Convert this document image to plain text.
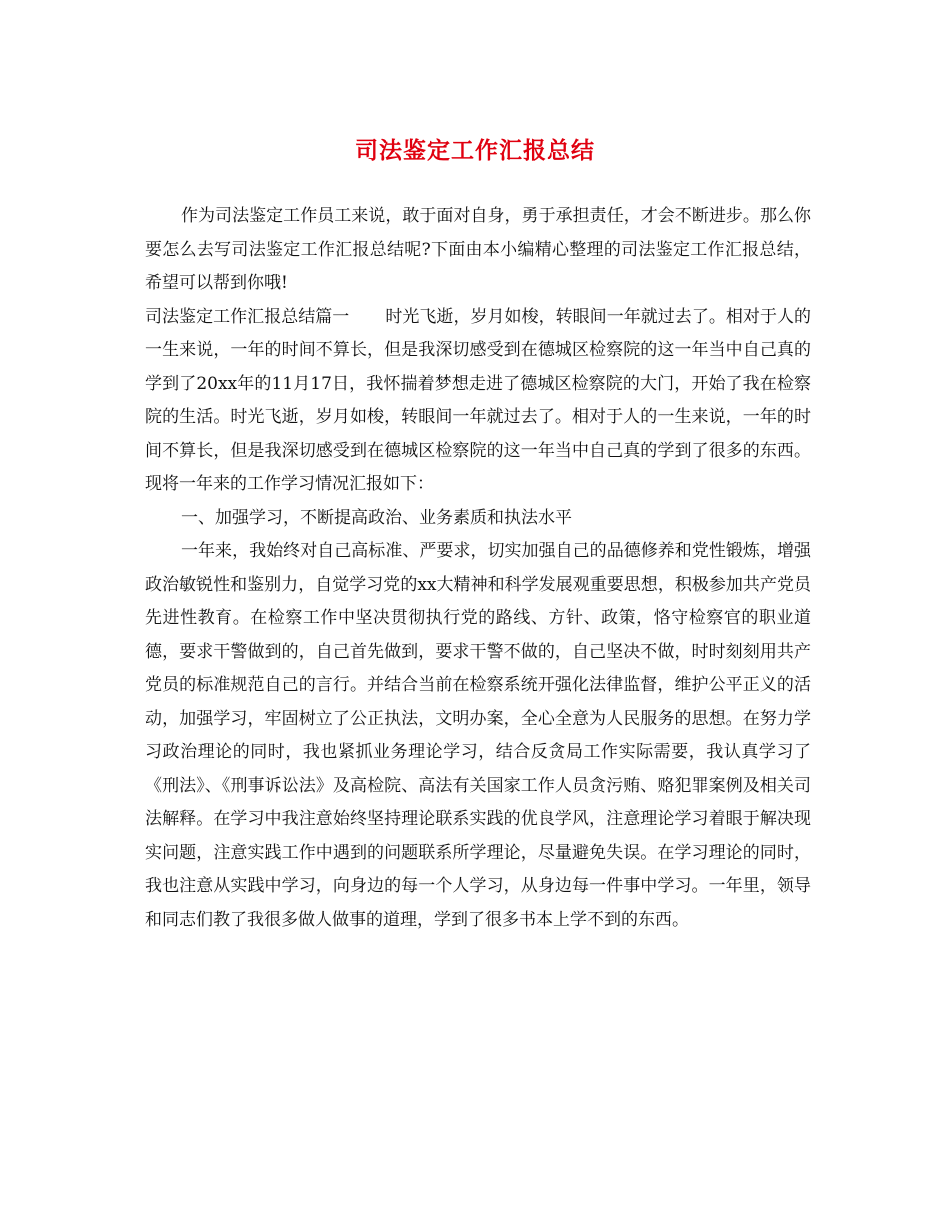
司法鉴定工作汇报总结

作为司法鉴定工作员工来说，敢于面对自身，勇于承担责任，才会不断进步。那么你要怎么去写司法鉴定工作汇报总结呢?下面由本小编精心整理的司法鉴定工作汇报总结，希望可以帮到你哦!

司法鉴定工作汇报总结篇一 时光飞逝，岁月如梭，转眼间一年就过去了。相对于人的一生来说，一年的时间不算长，但是我深切感受到在德城区检察院的这一年当中自己真的学到了20xx年的11月17日，我怀揣着梦想走进了德城区检察院的大门，开始了我在检察院的生活。时光飞逝，岁月如梭，转眼间一年就过去了。相对于人的一生来说，一年的时间不算长，但是我深切感受到在德城区检察院的这一年当中自己真的学到了很多的东西。现将一年来的工作学习情况汇报如下：

一、加强学习，不断提高政治、业务素质和执法水平

一年来，我始终对自己高标准、严要求，切实加强自己的品德修养和党性锻炼，增强政治敏锐性和鉴别力，自觉学习党的xx大精神和科学发展观重要思想，积极参加共产党员先进性教育。在检察工作中坚决贯彻执行党的路线、方针、政策，恪守检察官的职业道德，要求干警做到的，自己首先做到，要求干警不做的，自己坚决不做，时时刻刻用共产党员的标准规范自己的言行。并结合当前在检察系统开强化法律监督，维护公平正义的活动，加强学习，牢固树立了公正执法，文明办案，全心全意为人民服务的思想。在努力学习政治理论的同时，我也紧抓业务理论学习，结合反贪局工作实际需要，我认真学习了《刑法》、《刑事诉讼法》及高检院、高法有关国家工作人员贪污贿、赂犯罪案例及相关司法解释。在学习中我注意始终坚持理论联系实践的优良学风，注意理论学习着眼于解决现实问题，注意实践工作中遇到的问题联系所学理论，尽量避免失误。在学习理论的同时，我也注意从实践中学习，向身边的每一个人学习，从身边每一件事中学习。一年里，领导和同志们教了我很多做人做事的道理，学到了很多书本上学不到的东西。
